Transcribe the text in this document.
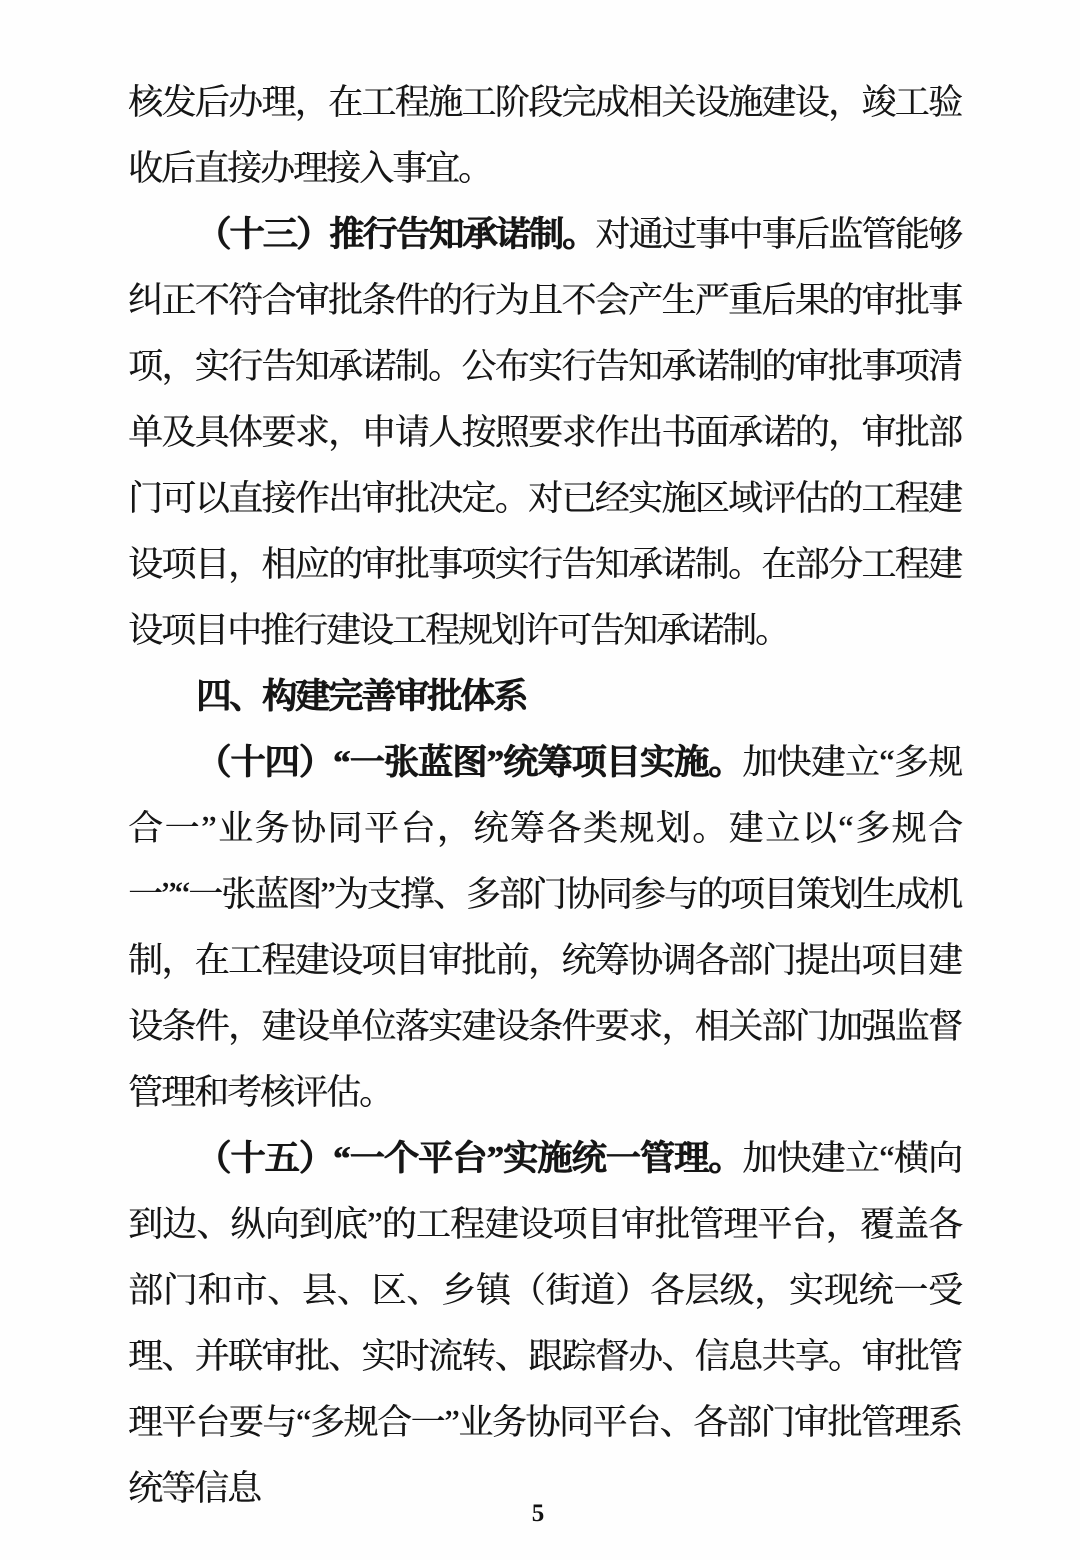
核发后办理，在工程施工阶段完成相关设施建设，竣工验收后直接办理接入事宜。

（十三）推行告知承诺制。对通过事中事后监管能够纠正不符合审批条件的行为且不会产生严重后果的审批事项，实行告知承诺制。公布实行告知承诺制的审批事项清单及具体要求，申请人按照要求作出书面承诺的，审批部门可以直接作出审批决定。对已经实施区域评估的工程建设项目，相应的审批事项实行告知承诺制。在部分工程建设项目中推行建设工程规划许可告知承诺制。

四、构建完善审批体系

（十四）“一张蓝图”统筹项目实施。加快建立“多规合一”业务协同平台，统筹各类规划。建立以“多规合一”“一张蓝图”为支撑、多部门协同参与的项目策划生成机制，在工程建设项目审批前，统筹协调各部门提出项目建设条件，建设单位落实建设条件要求，相关部门加强监督管理和考核评估。

（十五）“一个平台”实施统一管理。加快建立“横向到边、纵向到底”的工程建设项目审批管理平台，覆盖各部门和市、县、区、乡镇（街道）各层级，实现统一受理、并联审批、实时流转、跟踪督办、信息共享。审批管理平台要与“多规合一”业务协同平台、各部门审批管理系统等信息

5
